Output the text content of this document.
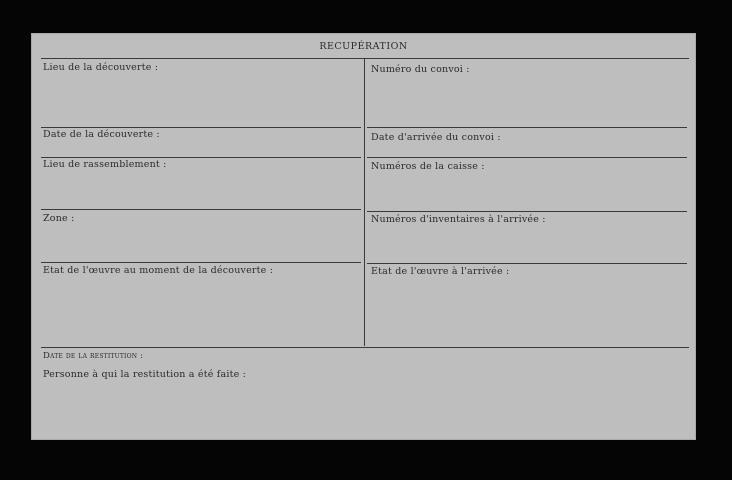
RECUPÉRATION
Lieu de la découverte :
Date de la découverte :
Lieu de rassemblement :
Zone :
Etat de l'œuvre au moment de la découverte :
Numéro du convoi :
Date d'arrivée du convoi :
Numéros de la caisse :
Numéros d'inventaires à l'arrivée :
Etat de l'œuvre à l'arrivée :
Date de la restitution :
Personne à qui la restitution a été faite :
